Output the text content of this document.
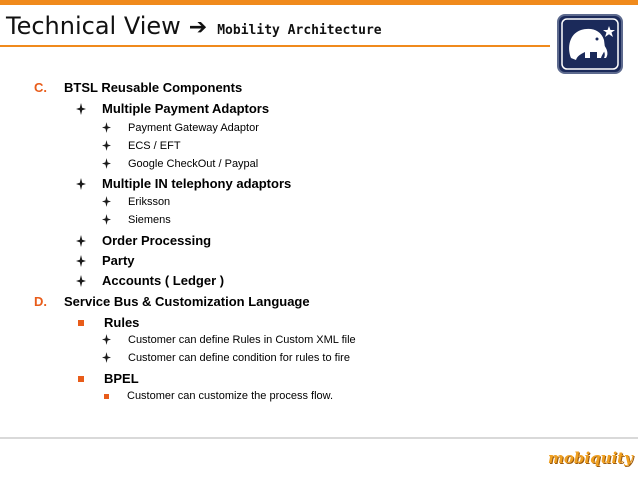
Technical View ➔ Mobility Architecture
C.	BTSL Reusable Components
Multiple Payment Adaptors
Payment Gateway Adaptor
ECS / EFT
Google CheckOut / Paypal
Multiple IN telephony adaptors
Eriksson
Siemens
Order Processing
Party
Accounts ( Ledger )
D.	Service Bus & Customization Language
Rules
Customer can define Rules in Custom XML file
Customer can define condition for rules to fire
BPEL
Customer can customize the process flow.
mobiquity
